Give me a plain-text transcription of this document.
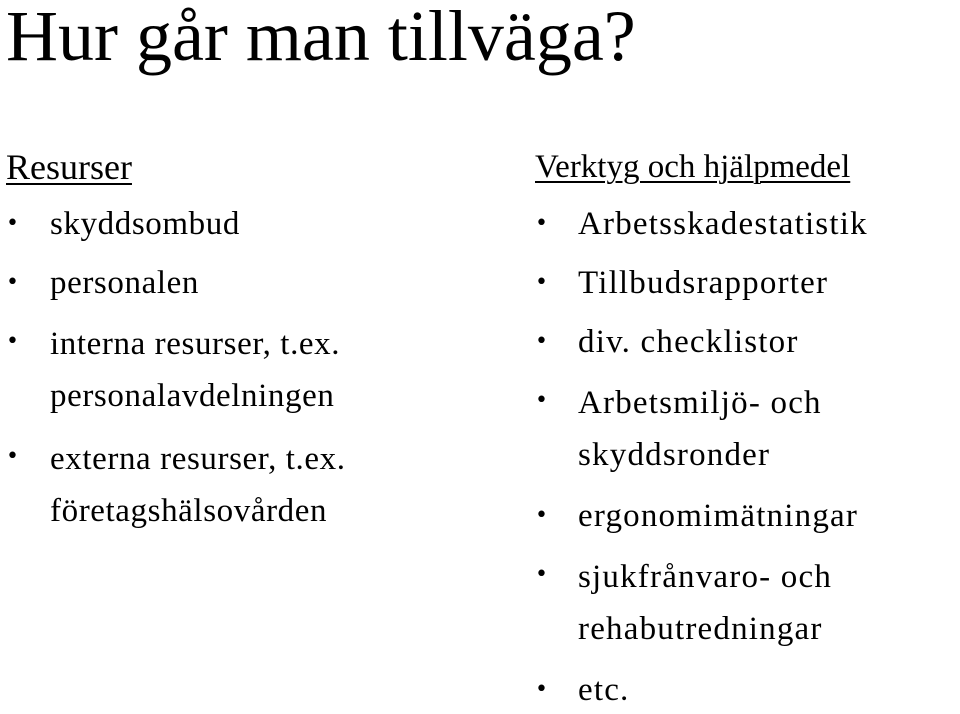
Hur går man tillväga?
Resurser
• skyddsombud
• personalen
• interna resurser, t.ex.
personalavdelningen
• externa resurser, t.ex.
företagshälsovården
Verktyg och hjälpmedel
• Arbetsskadestatistik
• Tillbudsrapporter
• div. checklistor
• Arbetsmiljö- och
skyddsronder
• ergonomimätningar
• sjukfrånvaro- och
rehabutredningar
• etc.
